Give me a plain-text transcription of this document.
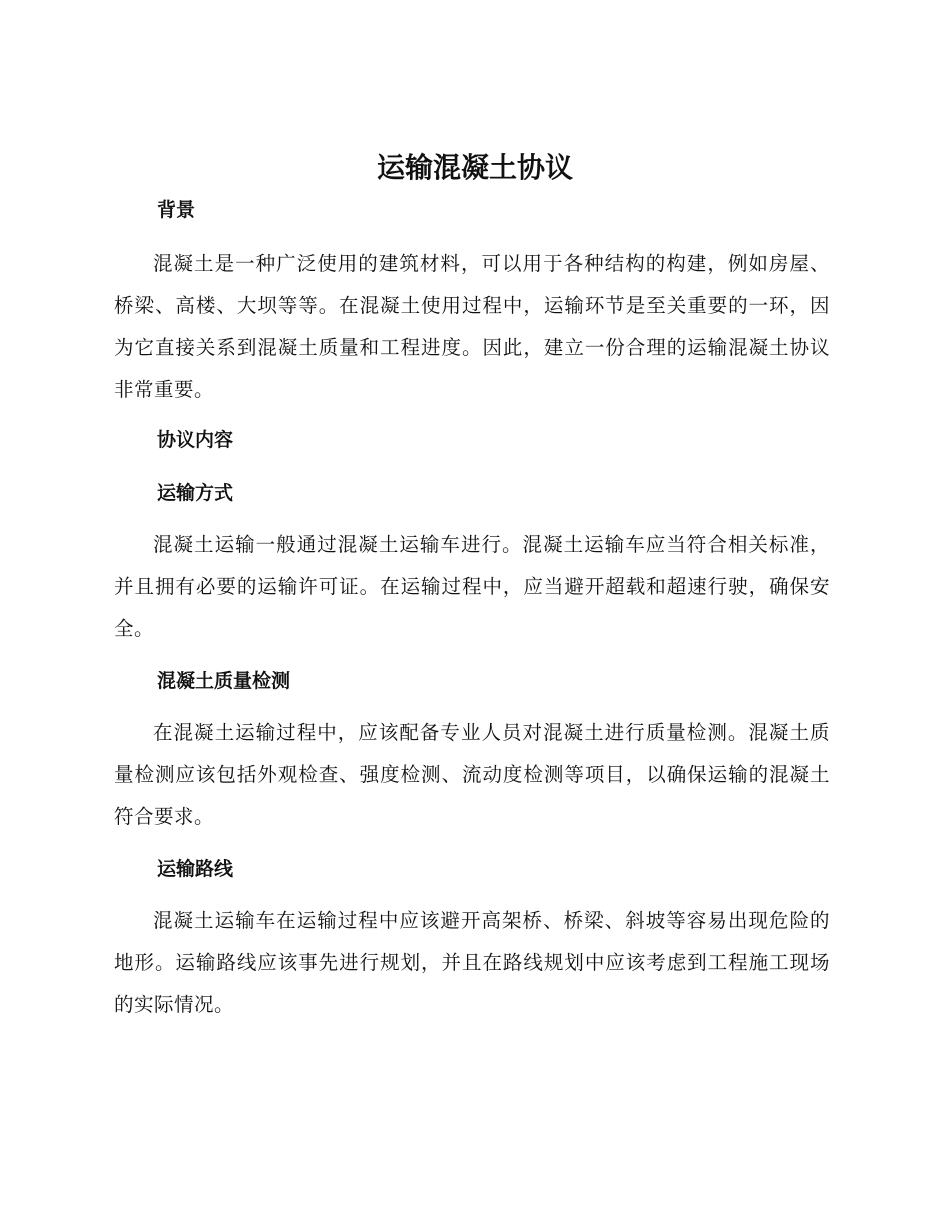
运输混凝土协议
背景

混凝土是一种广泛使用的建筑材料，可以用于各种结构的构建，例如房屋、桥梁、高楼、大坝等等。在混凝土使用过程中，运输环节是至关重要的一环，因为它直接关系到混凝土质量和工程进度。因此，建立一份合理的运输混凝土协议非常重要。

协议内容
运输方式

混凝土运输一般通过混凝土运输车进行。混凝土运输车应当符合相关标准，并且拥有必要的运输许可证。在运输过程中，应当避开超载和超速行驶，确保安全。

混凝土质量检测

在混凝土运输过程中，应该配备专业人员对混凝土进行质量检测。混凝土质量检测应该包括外观检查、强度检测、流动度检测等项目，以确保运输的混凝土符合要求。

运输路线

混凝土运输车在运输过程中应该避开高架桥、桥梁、斜坡等容易出现危险的地形。运输路线应该事先进行规划，并且在路线规划中应该考虑到工程施工现场的实际情况。
